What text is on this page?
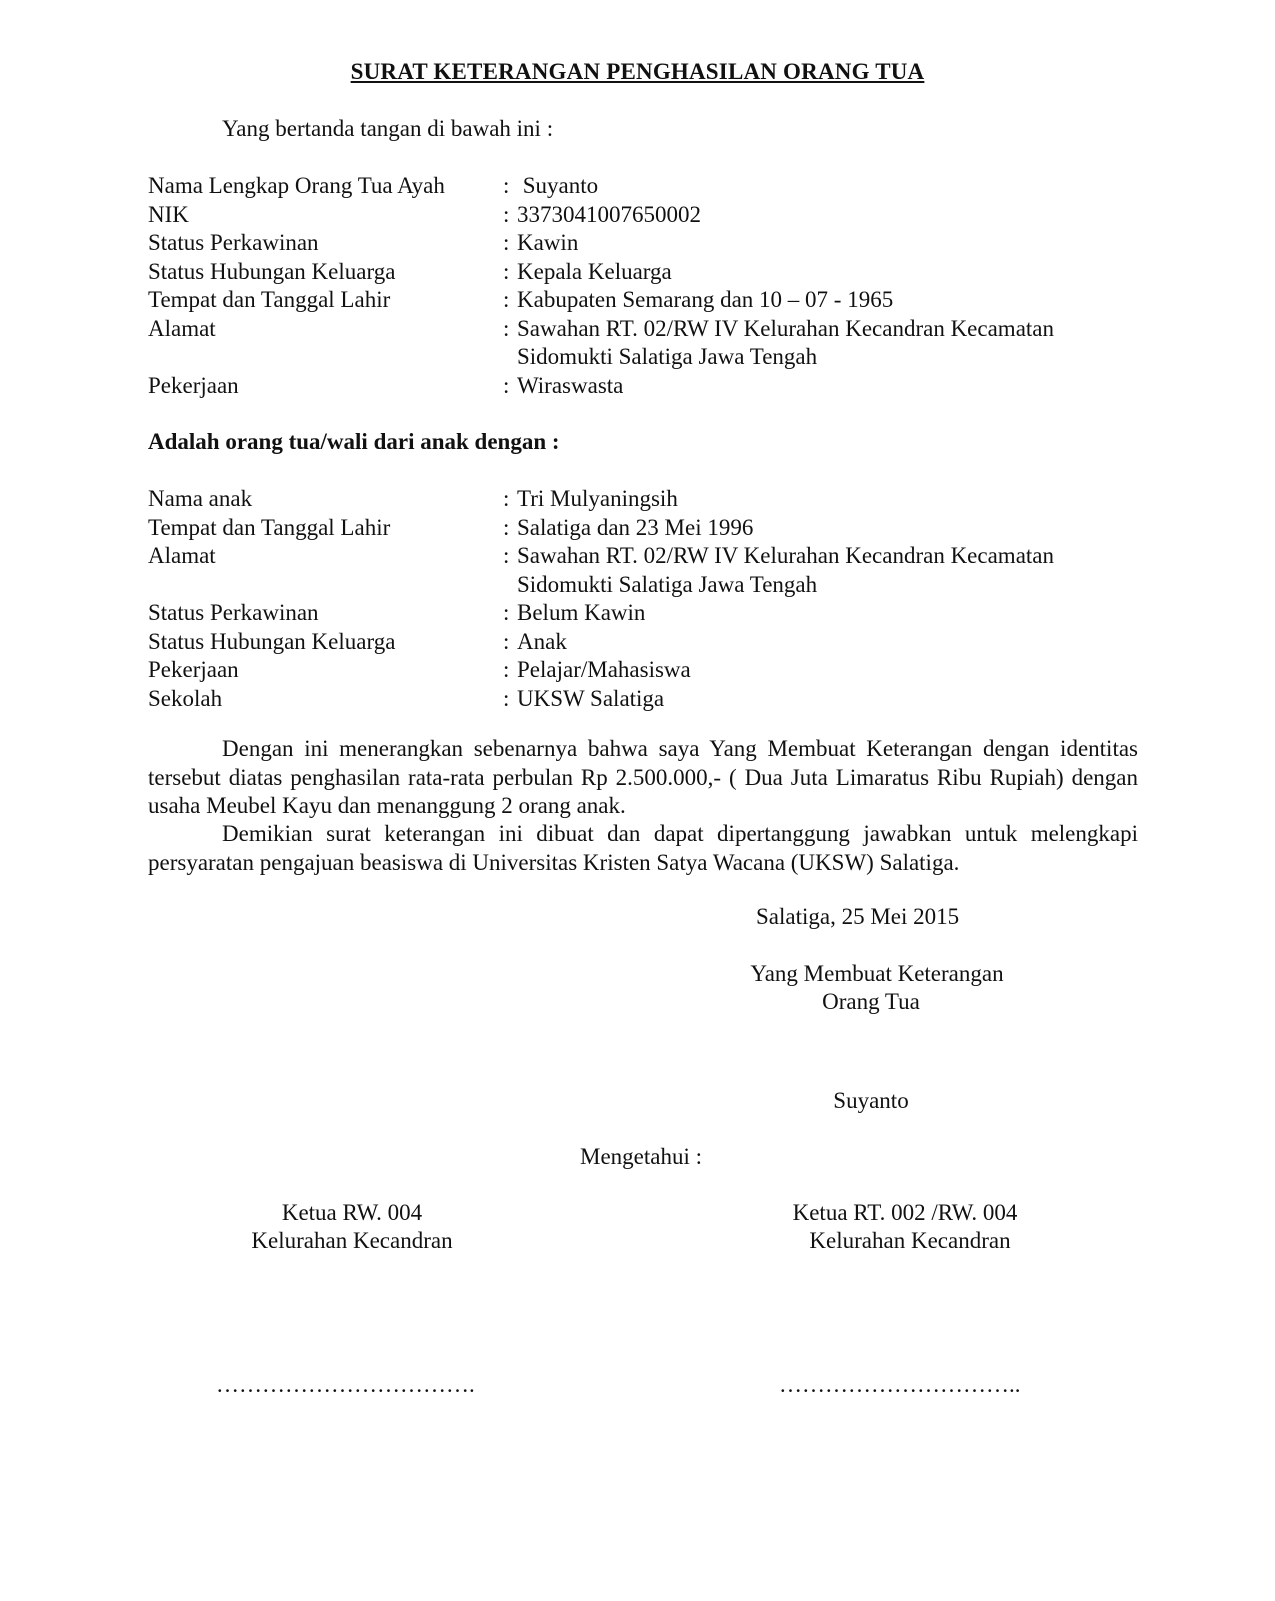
SURAT KETERANGAN PENGHASILAN ORANG TUA
Yang bertanda tangan di bawah ini :
Nama Lengkap Orang Tua Ayah	: Suyanto
NIK	: 3373041007650002
Status Perkawinan	: Kawin
Status Hubungan Keluarga	: Kepala Keluarga
Tempat dan Tanggal Lahir	: Kabupaten Semarang dan 10 – 07 - 1965
Alamat	: Sawahan RT. 02/RW IV Kelurahan Kecandran Kecamatan Sidomukti Salatiga Jawa Tengah
Pekerjaan	: Wiraswasta
Adalah orang tua/wali dari anak dengan :
Nama anak	: Tri Mulyaningsih
Tempat dan Tanggal Lahir	: Salatiga dan 23 Mei 1996
Alamat	: Sawahan RT. 02/RW IV Kelurahan Kecandran Kecamatan Sidomukti Salatiga Jawa Tengah
Status Perkawinan	: Belum Kawin
Status Hubungan Keluarga	: Anak
Pekerjaan	: Pelajar/Mahasiswa
Sekolah	: UKSW Salatiga
Dengan ini menerangkan sebenarnya bahwa saya Yang Membuat Keterangan dengan identitas tersebut diatas penghasilan rata-rata perbulan Rp 2.500.000,- ( Dua Juta Limaratus Ribu Rupiah) dengan usaha Meubel Kayu dan menanggung 2 orang anak.
Demikian surat keterangan ini dibuat dan dapat dipertanggung jawabkan untuk melengkapi persyaratan pengajuan beasiswa di Universitas Kristen Satya Wacana (UKSW) Salatiga.
Salatiga, 25 Mei 2015
Yang Membuat Keterangan
Orang Tua
Suyanto
Mengetahui :
Ketua RW. 004
Kelurahan Kecandran
Ketua RT. 002 /RW. 004
Kelurahan Kecandran
…………………………….	…………………………..
